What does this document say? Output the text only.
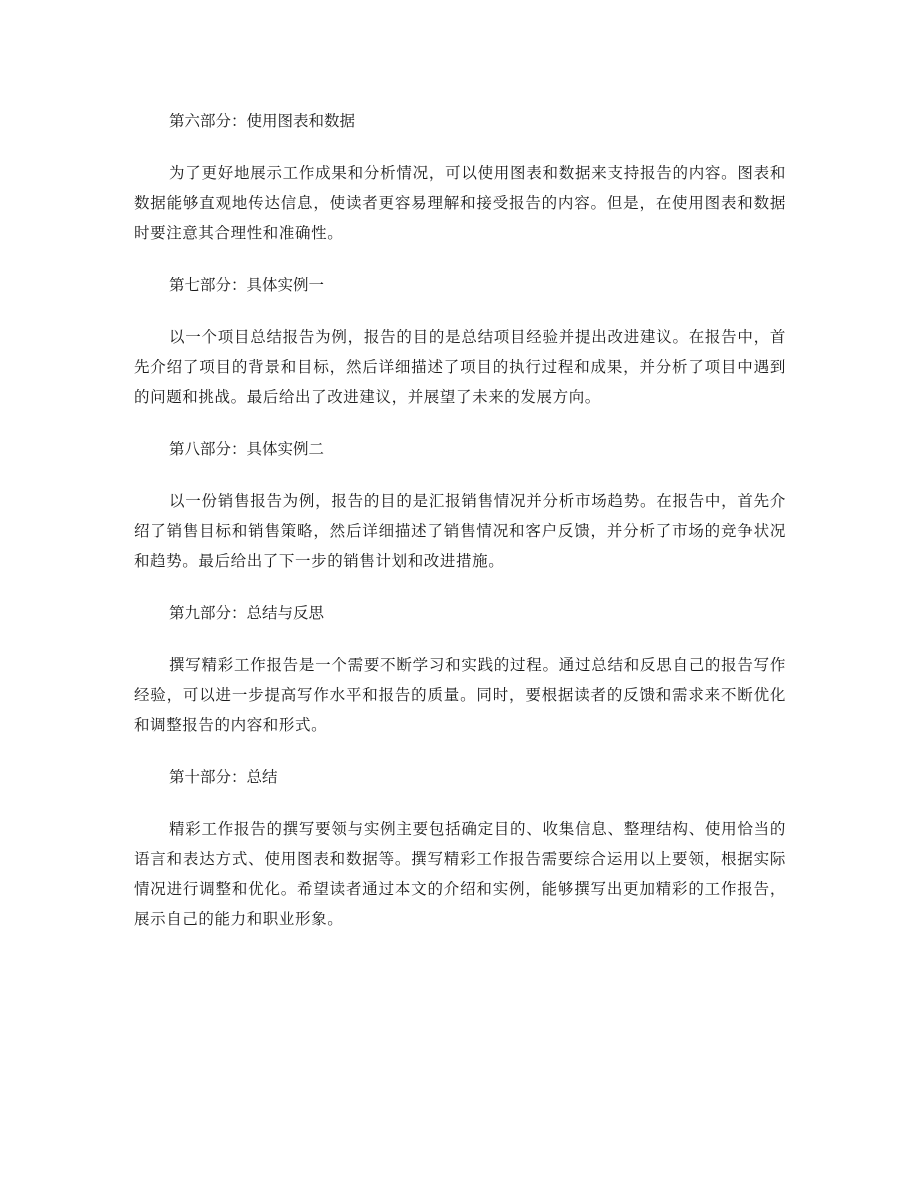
第六部分：使用图表和数据

为了更好地展示工作成果和分析情况，可以使用图表和数据来支持报告的内容。图表和数据能够直观地传达信息，使读者更容易理解和接受报告的内容。但是，在使用图表和数据时要注意其合理性和准确性。

第七部分：具体实例一

以一个项目总结报告为例，报告的目的是总结项目经验并提出改进建议。在报告中，首先介绍了项目的背景和目标，然后详细描述了项目的执行过程和成果，并分析了项目中遇到的问题和挑战。最后给出了改进建议，并展望了未来的发展方向。

第八部分：具体实例二

以一份销售报告为例，报告的目的是汇报销售情况并分析市场趋势。在报告中，首先介绍了销售目标和销售策略，然后详细描述了销售情况和客户反馈，并分析了市场的竞争状况和趋势。最后给出了下一步的销售计划和改进措施。

第九部分：总结与反思

撰写精彩工作报告是一个需要不断学习和实践的过程。通过总结和反思自己的报告写作经验，可以进一步提高写作水平和报告的质量。同时，要根据读者的反馈和需求来不断优化和调整报告的内容和形式。

第十部分：总结

精彩工作报告的撰写要领与实例主要包括确定目的、收集信息、整理结构、使用恰当的语言和表达方式、使用图表和数据等。撰写精彩工作报告需要综合运用以上要领，根据实际情况进行调整和优化。希望读者通过本文的介绍和实例，能够撰写出更加精彩的工作报告，展示自己的能力和职业形象。
